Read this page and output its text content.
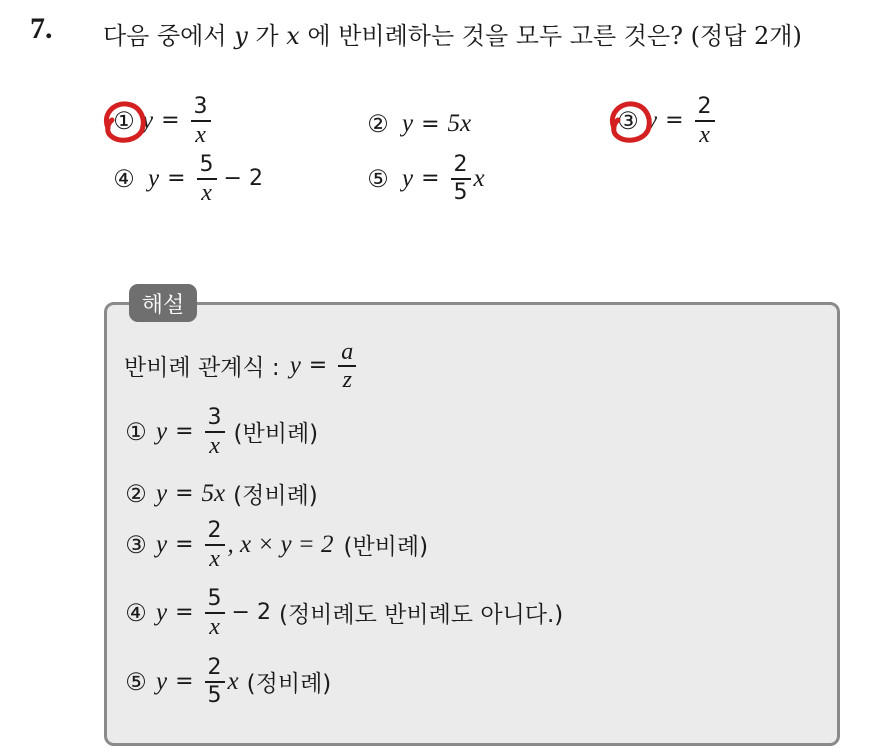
7. 다음 중에서 y 가 x 에 반비례하는 것을 모두 고른 것은? (정답 2개)
① $y = \frac{3}{x}$	② y = 5x	③ $y = \frac{2}{x}$
④ $y = \frac{5}{x} - 2$	⑤ $y = \frac{2}{5}$ x
해설
반비례 관계식 : $y = \frac{a}{z}$
① $y = \frac{3}{x}$ (반비례)
② y = 5x (정비례)
③ $y = \frac{2}{x}$ , x × y = 2 (반비례)
④ $y = \frac{5}{x} - 2$ (정비례도 반비례도 아니다.)
⑤ $y = \frac{2}{5}$ x (정비례)
